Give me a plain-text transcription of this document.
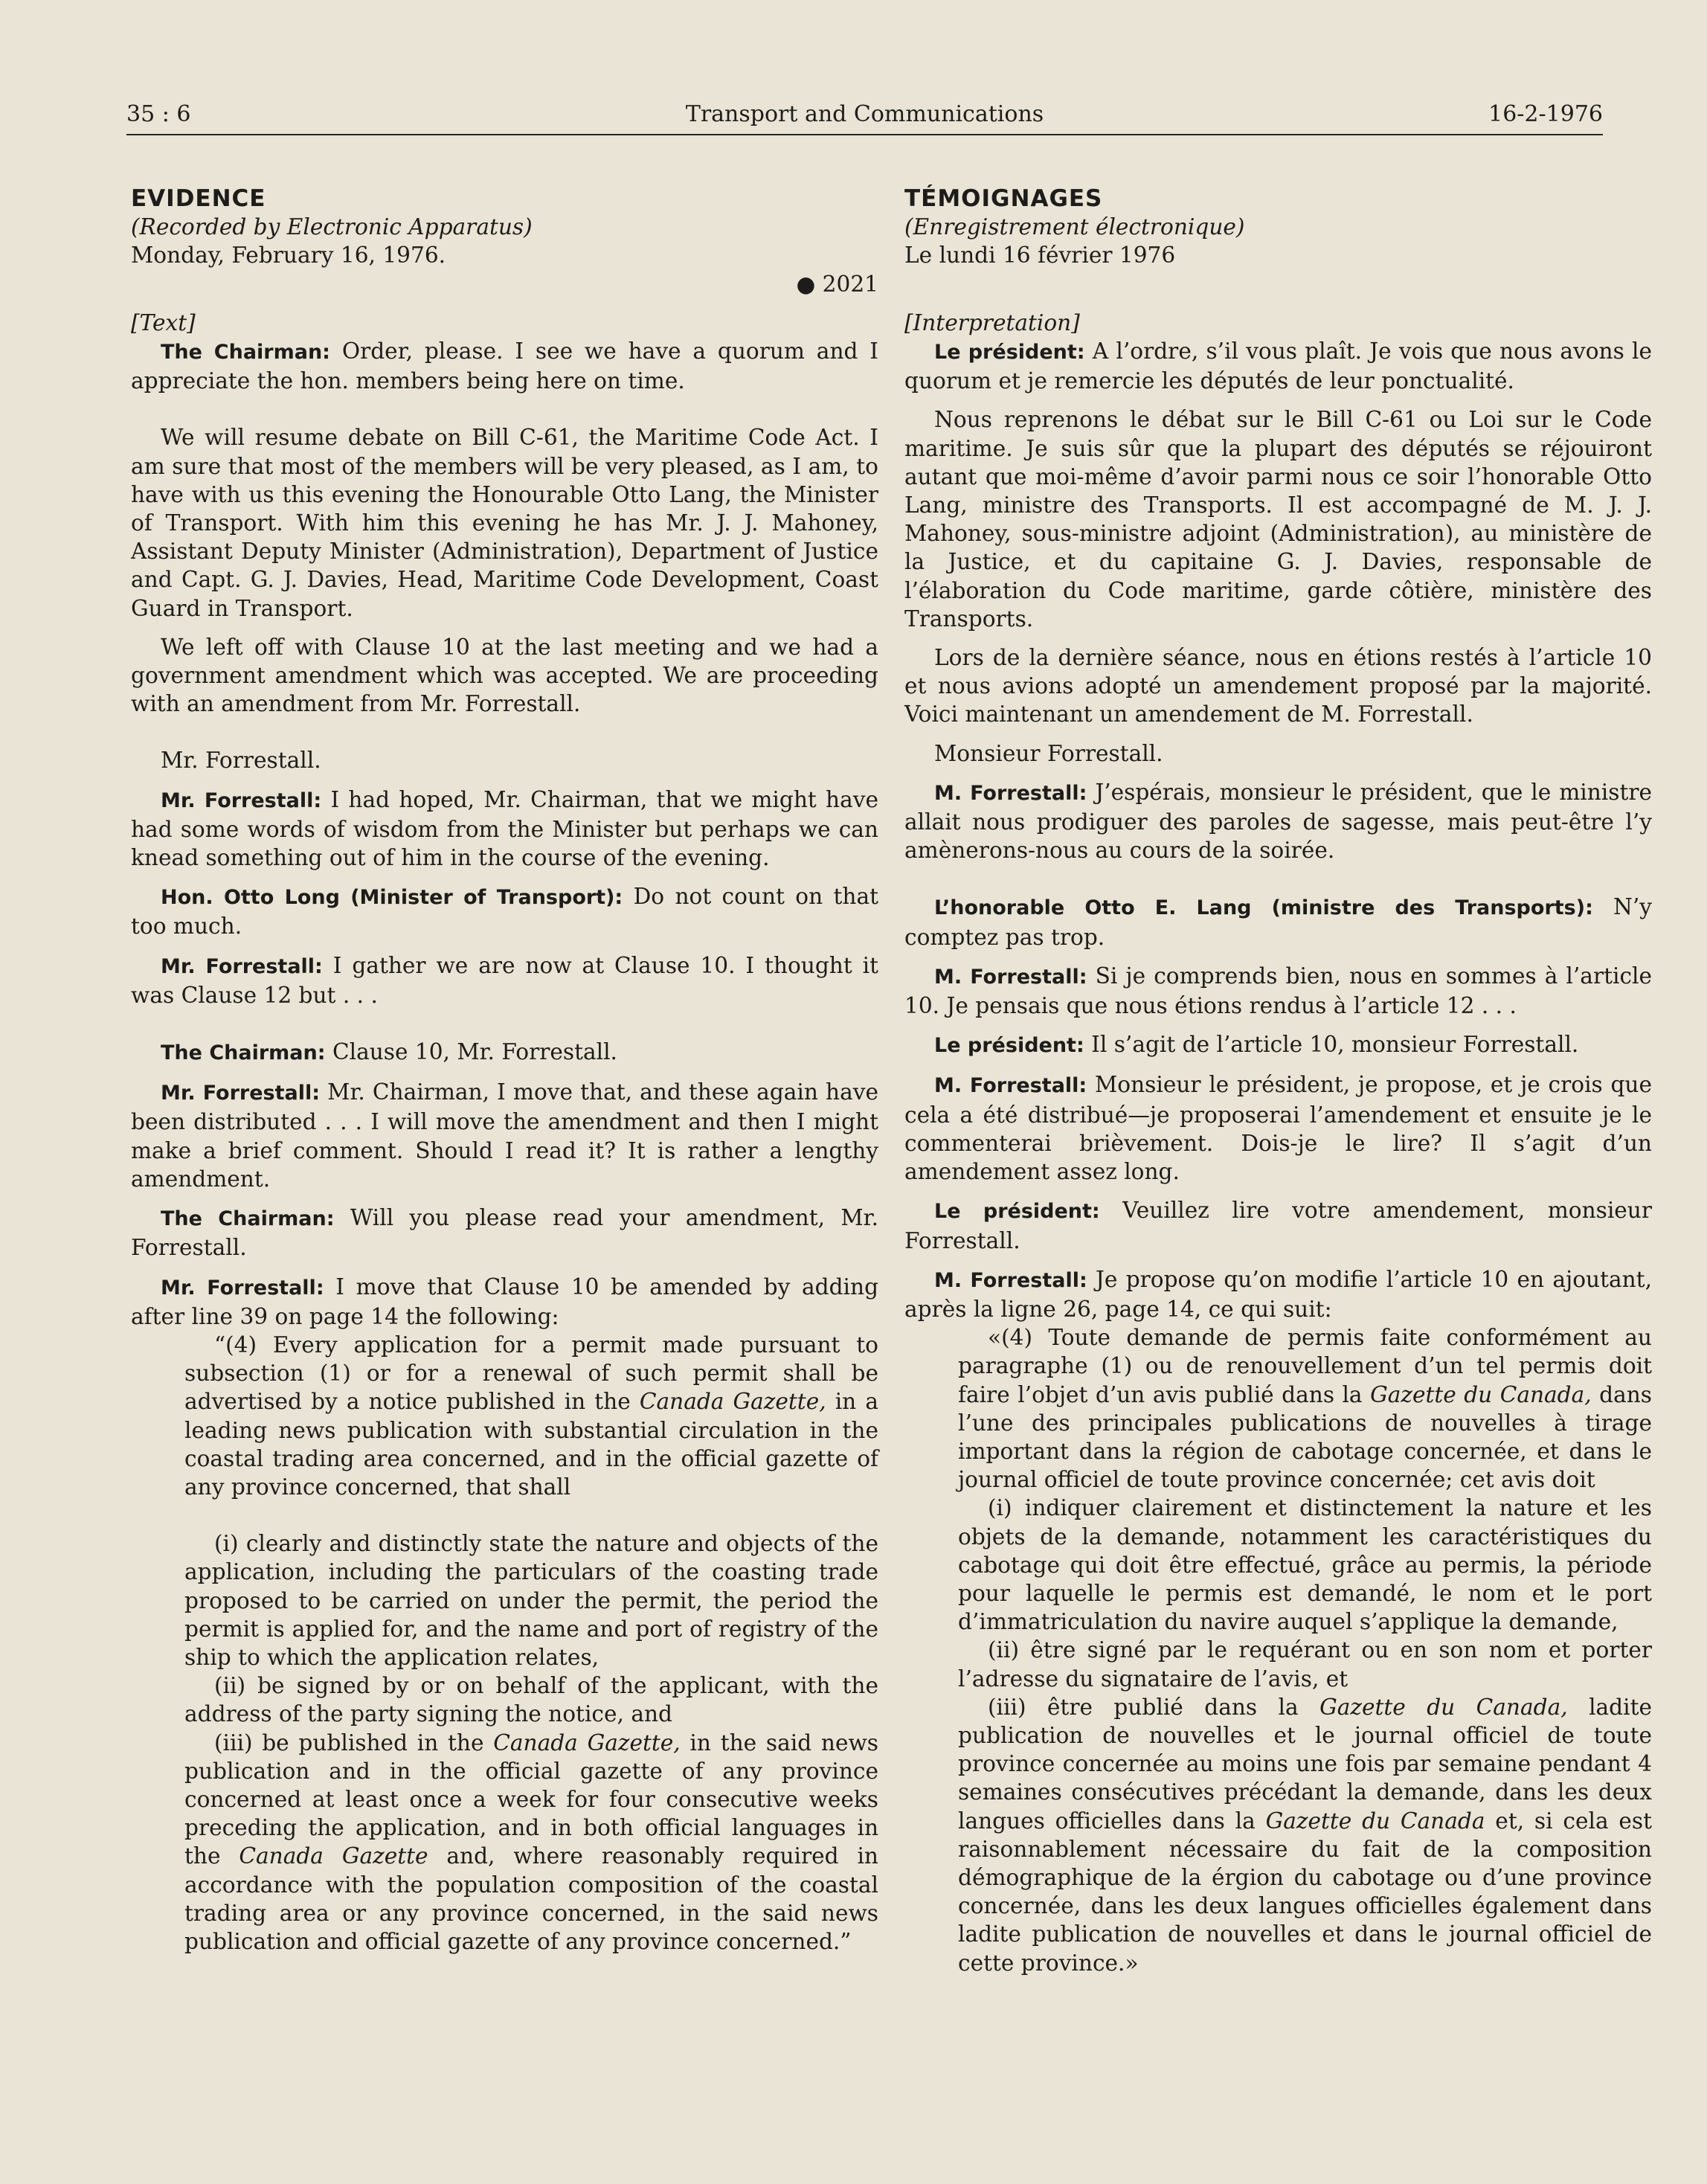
35 : 6	Transport and Communications	16-2-1976

EVIDENCE

(Recorded by Electronic Apparatus)

Monday, February 16, 1976.

● 2021

[Text]

The Chairman: Order, please. I see we have a quorum and I appreciate the hon. members being here on time.

We will resume debate on Bill C-61, the Maritime Code Act. I am sure that most of the members will be very pleased, as I am, to have with us this evening the Honourable Otto Lang, the Minister of Transport. With him this evening he has Mr. J. J. Mahoney, Assistant Deputy Minister (Administration), Department of Justice and Capt. G. J. Davies, Head, Maritime Code Development, Coast Guard in Transport.

We left off with Clause 10 at the last meeting and we had a government amendment which was accepted. We are proceeding with an amendment from Mr. Forrestall.

Mr. Forrestall.

Mr. Forrestall: I had hoped, Mr. Chairman, that we might have had some words of wisdom from the Minister but perhaps we can knead something out of him in the course of the evening.

Hon. Otto Long (Minister of Transport): Do not count on that too much.

Mr. Forrestall: I gather we are now at Clause 10. I thought it was Clause 12 but . . .

The Chairman: Clause 10, Mr. Forrestall.

Mr. Forrestall: Mr. Chairman, I move that, and these again have been distributed . . . I will move the amendment and then I might make a brief comment. Should I read it? It is rather a lengthy amendment.

The Chairman: Will you please read your amendment, Mr. Forrestall.

Mr. Forrestall: I move that Clause 10 be amended by adding after line 39 on page 14 the following:

“(4) Every application for a permit made pursuant to subsection (1) or for a renewal of such permit shall be advertised by a notice published in the Canada Gazette, in a leading news publication with substantial circulation in the coastal trading area concerned, and in the official gazette of any province concerned, that shall

(i) clearly and distinctly state the nature and objects of the application, including the particulars of the coasting trade proposed to be carried on under the permit, the period the permit is applied for, and the name and port of registry of the ship to which the application relates,

(ii) be signed by or on behalf of the applicant, with the address of the party signing the notice, and

(iii) be published in the Canada Gazette, in the said news publication and in the official gazette of any province concerned at least once a week for four consecutive weeks preceding the application, and in both official languages in the Canada Gazette and, where reasonably required in accordance with the population composition of the coastal trading area or any province concerned, in the said news publication and official gazette of any province concerned.”

TÉMOIGNAGES

(Enregistrement électronique)

Le lundi 16 février 1976

[Interpretation]

Le président: A l’ordre, s’il vous plaît. Je vois que nous avons le quorum et je remercie les députés de leur ponctualité.

Nous reprenons le débat sur le Bill C-61 ou Loi sur le Code maritime. Je suis sûr que la plupart des députés se réjouiront autant que moi-même d’avoir parmi nous ce soir l’honorable Otto Lang, ministre des Transports. Il est accompagné de M. J. J. Mahoney, sous-ministre adjoint (Administration), au ministère de la Justice, et du capitaine G. J. Davies, responsable de l’élaboration du Code maritime, garde côtière, ministère des Transports.

Lors de la dernière séance, nous en étions restés à l’article 10 et nous avions adopté un amendement proposé par la majorité. Voici maintenant un amendement de M. Forrestall.

Monsieur Forrestall.

M. Forrestall: J’espérais, monsieur le président, que le ministre allait nous prodiguer des paroles de sagesse, mais peut-être l’y amènerons-nous au cours de la soirée.

L’honorable Otto E. Lang (ministre des Transports): N’y comptez pas trop.

M. Forrestall: Si je comprends bien, nous en sommes à l’article 10. Je pensais que nous étions rendus à l’article 12 . . .

Le président: Il s’agit de l’article 10, monsieur Forrestall.

M. Forrestall: Monsieur le président, je propose, et je crois que cela a été distribué—je proposerai l’amendement et ensuite je le commenterai brièvement. Dois-je le lire? Il s’agit d’un amendement assez long.

Le président: Veuillez lire votre amendement, monsieur Forrestall.

M. Forrestall: Je propose qu’on modifie l’article 10 en ajoutant, après la ligne 26, page 14, ce qui suit:

«(4) Toute demande de permis faite conformément au paragraphe (1) ou de renouvellement d’un tel permis doit faire l’objet d’un avis publié dans la Gazette du Canada, dans l’une des principales publications de nouvelles à tirage important dans la région de cabotage concernée, et dans le journal officiel de toute province concernée; cet avis doit

(i) indiquer clairement et distinctement la nature et les objets de la demande, notamment les caractéristiques du cabotage qui doit être effectué, grâce au permis, la période pour laquelle le permis est demandé, le nom et le port d’immatriculation du navire auquel s’applique la demande,

(ii) être signé par le requérant ou en son nom et porter l’adresse du signataire de l’avis, et

(iii) être publié dans la Gazette du Canada, ladite publication de nouvelles et le journal officiel de toute province concernée au moins une fois par semaine pendant 4 semaines consécutives précédant la demande, dans les deux langues officielles dans la Gazette du Canada et, si cela est raisonnablement nécessaire du fait de la composition démographique de la érgion du cabotage ou d’une province concernée, dans les deux langues officielles également dans ladite publication de nouvelles et dans le journal officiel de cette province.»
